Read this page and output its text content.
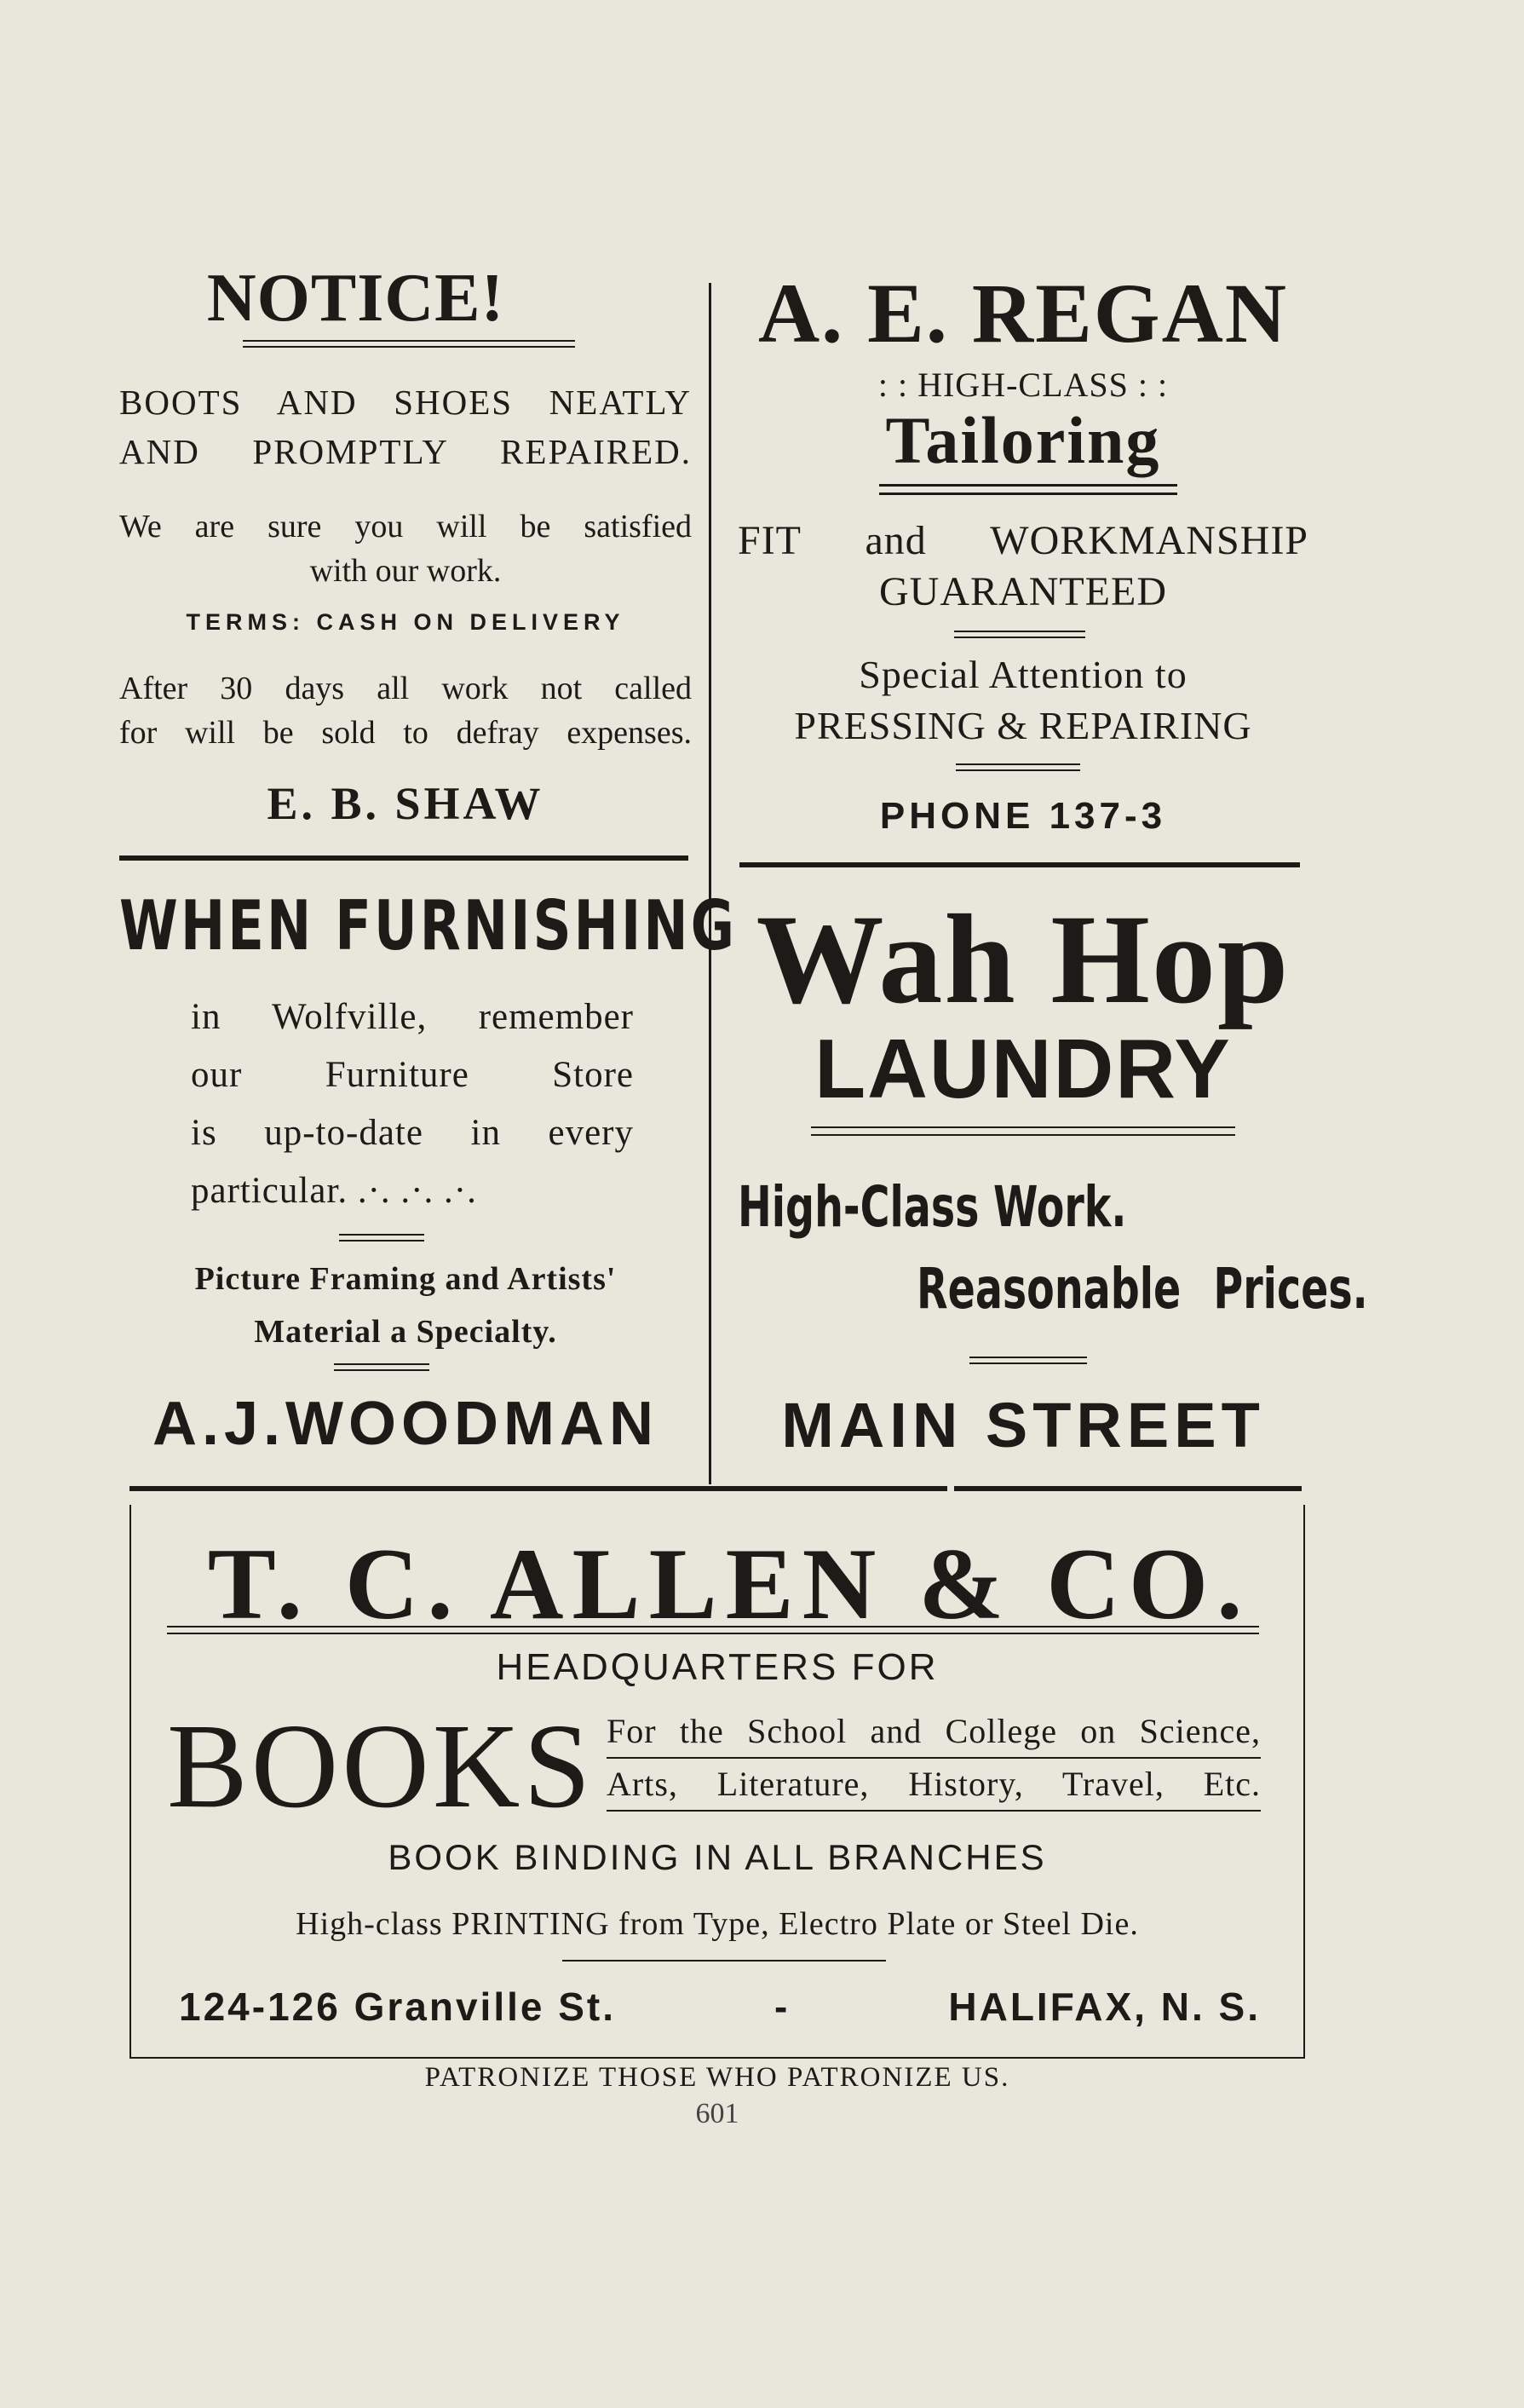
NOTICE!
BOOTS AND SHOES NEATLY
AND PROMPTLY REPAIRED.
We are sure you will be satisfied
with our work.
TERMS: CASH ON DELIVERY
After 30 days all work not called
for will be sold to defray expenses.
E. B. SHAW
WHEN FURNISHING
in Wolfville, remember
our Furniture Store
is up-to-date in every
particular. .·. .·. .·.
Picture Framing and Artists'
Material a Specialty.
A.J.WOODMAN
A. E. REGAN
: : HIGH-CLASS : :
Tailoring
FIT and WORKMANSHIP
GUARANTEED
Special Attention to
PRESSING & REPAIRING
PHONE 137-3
Wah Hop
LAUNDRY
High-Class Work.
Reasonable Prices.
MAIN STREET
T. C. ALLEN & CO.
HEADQUARTERS FOR
BOOKS For the School and College on Science,
Arts, Literature, History, Travel, Etc.
BOOK BINDING IN ALL BRANCHES
High-class PRINTING from Type, Electro Plate or Steel Die.
124-126 Granville St.	-	HALIFAX, N. S.
PATRONIZE THOSE WHO PATRONIZE US.
601
